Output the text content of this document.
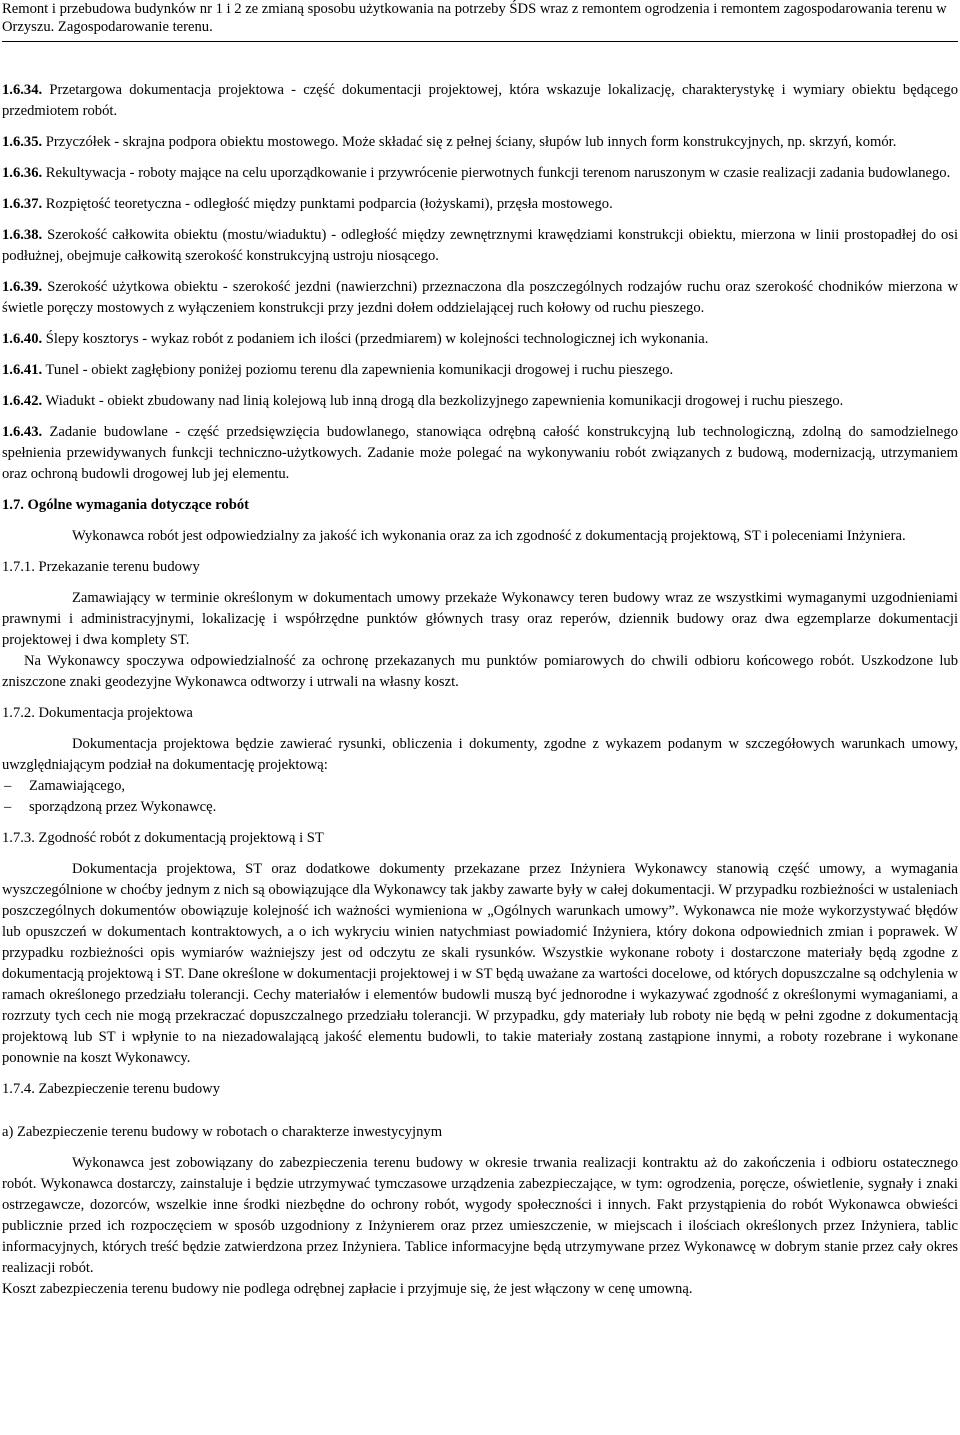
Remont i przebudowa budynków nr 1 i 2 ze zmianą sposobu użytkowania na potrzeby ŚDS wraz z remontem ogrodzenia i remontem zagospodarowania terenu w
Orzyszu. Zagospodarowanie terenu.

1.6.34. Przetargowa dokumentacja projektowa - część dokumentacji projektowej, która wskazuje lokalizację, charakterystykę i wymiary obiektu będącego przedmiotem robót.

1.6.35. Przyczółek - skrajna podpora obiektu mostowego. Może składać się z pełnej ściany, słupów lub innych form konstrukcyjnych, np. skrzyń, komór.

1.6.36. Rekultywacja - roboty mające na celu uporządkowanie i przywrócenie pierwotnych funkcji terenom naruszonym w czasie realizacji zadania budowlanego.

1.6.37. Rozpiętość teoretyczna - odległość między punktami podparcia (łożyskami), przęsła mostowego.

1.6.38. Szerokość całkowita obiektu (mostu/wiaduktu) - odległość między zewnętrznymi krawędziami konstrukcji obiektu, mierzona w linii prostopadłej do osi podłużnej, obejmuje całkowitą szerokość konstrukcyjną ustroju niosącego.

1.6.39. Szerokość użytkowa obiektu - szerokość jezdni (nawierzchni) przeznaczona dla poszczególnych rodzajów ruchu oraz szerokość chodników mierzona w świetle poręczy mostowych z wyłączeniem konstrukcji przy jezdni dołem oddzielającej ruch kołowy od ruchu pieszego.

1.6.40. Ślepy kosztorys - wykaz robót z podaniem ich ilości (przedmiarem) w kolejności technologicznej ich wykonania.

1.6.41. Tunel - obiekt zagłębiony poniżej poziomu terenu dla zapewnienia komunikacji drogowej i ruchu pieszego.

1.6.42. Wiadukt - obiekt zbudowany nad linią kolejową lub inną drogą dla bezkolizyjnego zapewnienia komunikacji drogowej i ruchu pieszego.

1.6.43. Zadanie budowlane - część przedsięwzięcia budowlanego, stanowiąca odrębną całość konstrukcyjną lub technologiczną, zdolną do samodzielnego spełnienia przewidywanych funkcji techniczno-użytkowych. Zadanie może polegać na wykonywaniu robót związanych z budową, modernizacją, utrzymaniem oraz ochroną budowli drogowej lub jej elementu.

1.7. Ogólne wymagania dotyczące robót

Wykonawca robót jest odpowiedzialny za jakość ich wykonania oraz za ich zgodność z dokumentacją projektową, ST i poleceniami Inżyniera.

1.7.1. Przekazanie terenu budowy

Zamawiający w terminie określonym w dokumentach umowy przekaże Wykonawcy teren budowy wraz ze wszystkimi wymaganymi uzgodnieniami prawnymi i administracyjnymi, lokalizację i współrzędne punktów głównych trasy oraz reperów, dziennik budowy oraz dwa egzemplarze dokumentacji projektowej i dwa komplety ST.

Na Wykonawcy spoczywa odpowiedzialność za ochronę przekazanych mu punktów pomiarowych do chwili odbioru końcowego robót. Uszkodzone lub zniszczone znaki geodezyjne Wykonawca odtworzy i utrwali na własny koszt.

1.7.2. Dokumentacja projektowa

Dokumentacja projektowa będzie zawierać rysunki, obliczenia i dokumenty, zgodne z wykazem podanym w szczegółowych warunkach umowy, uwzględniającym podział na dokumentację projektową:

– Zamawiającego,
– sporządzoną przez Wykonawcę.

1.7.3. Zgodność robót z dokumentacją projektową i ST

Dokumentacja projektowa, ST oraz dodatkowe dokumenty przekazane przez Inżyniera Wykonawcy stanowią część umowy, a wymagania wyszczególnione w choćby jednym z nich są obowiązujące dla Wykonawcy tak jakby zawarte były w całej dokumentacji. W przypadku rozbieżności w ustaleniach poszczególnych dokumentów obowiązuje kolejność ich ważności wymieniona w „Ogólnych warunkach umowy”. Wykonawca nie może wykorzystywać błędów lub opuszczeń w dokumentach kontraktowych, a o ich wykryciu winien natychmiast powiadomić Inżyniera, który dokona odpowiednich zmian i poprawek. W przypadku rozbieżności opis wymiarów ważniejszy jest od odczytu ze skali rysunków. Wszystkie wykonane roboty i dostarczone materiały będą zgodne z dokumentacją projektową i ST. Dane określone w dokumentacji projektowej i w ST będą uważane za wartości docelowe, od których dopuszczalne są odchylenia w ramach określonego przedziału tolerancji. Cechy materiałów i elementów budowli muszą być jednorodne i wykazywać zgodność z określonymi wymaganiami, a rozrzuty tych cech nie mogą przekraczać dopuszczalnego przedziału tolerancji. W przypadku, gdy materiały lub roboty nie będą w pełni zgodne z dokumentacją projektową lub ST i wpłynie to na niezadowalającą jakość elementu budowli, to takie materiały zostaną zastąpione innymi, a roboty rozebrane i wykonane ponownie na koszt Wykonawcy.

1.7.4. Zabezpieczenie terenu budowy

a) Zabezpieczenie terenu budowy w robotach o charakterze inwestycyjnym

Wykonawca jest zobowiązany do zabezpieczenia terenu budowy w okresie trwania realizacji kontraktu aż do zakończenia i odbioru ostatecznego robót. Wykonawca dostarczy, zainstaluje i będzie utrzymywać tymczasowe urządzenia zabezpieczające, w tym: ogrodzenia, poręcze, oświetlenie, sygnały i znaki ostrzegawcze, dozorców, wszelkie inne środki niezbędne do ochrony robót, wygody społeczności i innych. Fakt przystąpienia do robót Wykonawca obwieści publicznie przed ich rozpoczęciem w sposób uzgodniony z Inżynierem oraz przez umieszczenie, w miejscach i ilościach określonych przez Inżyniera, tablic informacyjnych, których treść będzie zatwierdzona przez Inżyniera. Tablice informacyjne będą utrzymywane przez Wykonawcę w dobrym stanie przez cały okres realizacji robót.

Koszt zabezpieczenia terenu budowy nie podlega odrębnej zapłacie i przyjmuje się, że jest włączony w cenę umowną.
